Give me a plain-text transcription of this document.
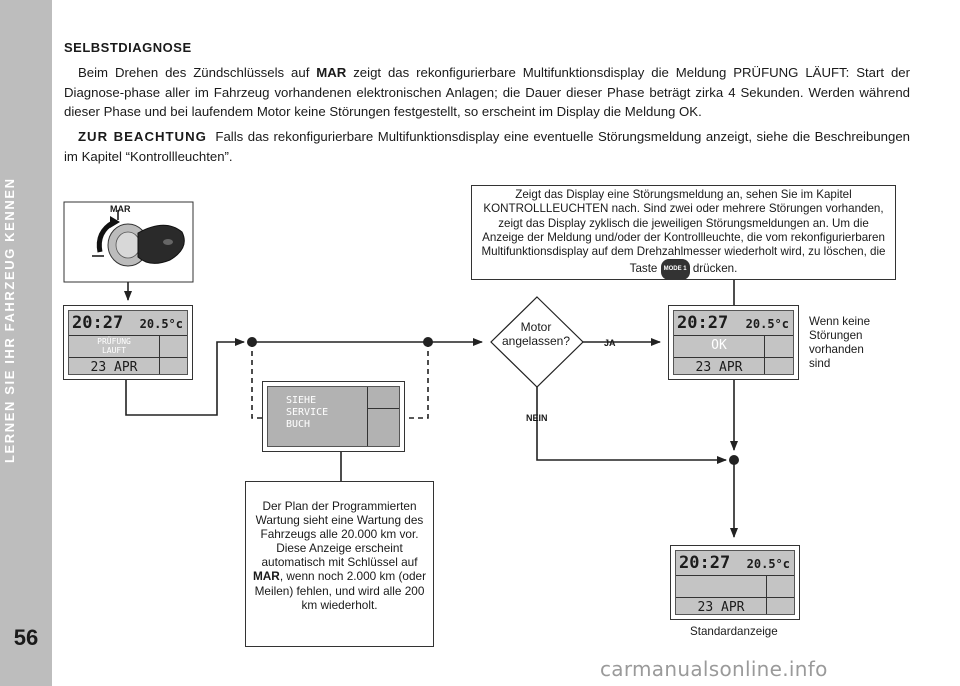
LERNEN SIE IHR FAHRZEUG KENNEN
56
SELBSTDIAGNOSE
Beim Drehen des Zündschlüssels auf MAR zeigt das rekonfigurierbare Multifunktionsdisplay die Meldung PRÜFUNG LÄUFT: Start der Diagnose-phase aller im Fahrzeug vorhandenen elektronischen Anlagen; die Dauer dieser Phase beträgt zirka 4 Sekunden. Werden während dieser Phase und bei laufendem Motor keine Störungen festgestellt, so erscheint im Display die Meldung OK.
ZUR BEACHTUNG Falls das rekonfigurierbare Multifunktionsdisplay eine eventuelle Störungsmeldung anzeigt, siehe die Beschreibungen im Kapitel “Kontrollleuchten”.
MAR
Zeigt das Display eine Störungsmeldung an, sehen Sie im Kapitel KONTROLLLEUCHTEN nach. Sind zwei oder mehrere Störungen vorhanden, zeigt das Display zyklisch die jeweiligen Störungsmeldungen an. Um die Anzeige der Meldung und/oder der Kontrollleuchte, die vom rekonfigurierbaren Multifunktionsdisplay auf dem Drehzahlmesser wiederholt wird, zu löschen, die Taste MODE 1 drücken.
20:27 20.5°c
PRÜFUNG
LAUFT
23 APR
SIEHE
SERVICE
BUCH
20:27 20.5°c
OK
23 APR
20:27 20.5°c
23 APR
Motor
angelassen?	JA
NEIN
Wenn keine
Störungen
vorhanden
sind
Der Plan der Programmierten Wartung sieht eine Wartung des Fahrzeugs alle 20.000 km vor. Diese Anzeige erscheint automatisch mit Schlüssel auf MAR, wenn noch 2.000 km (oder Meilen) fehlen, und wird alle 200 km wiederholt.
Standardanzeige
carmanualsonline.info
